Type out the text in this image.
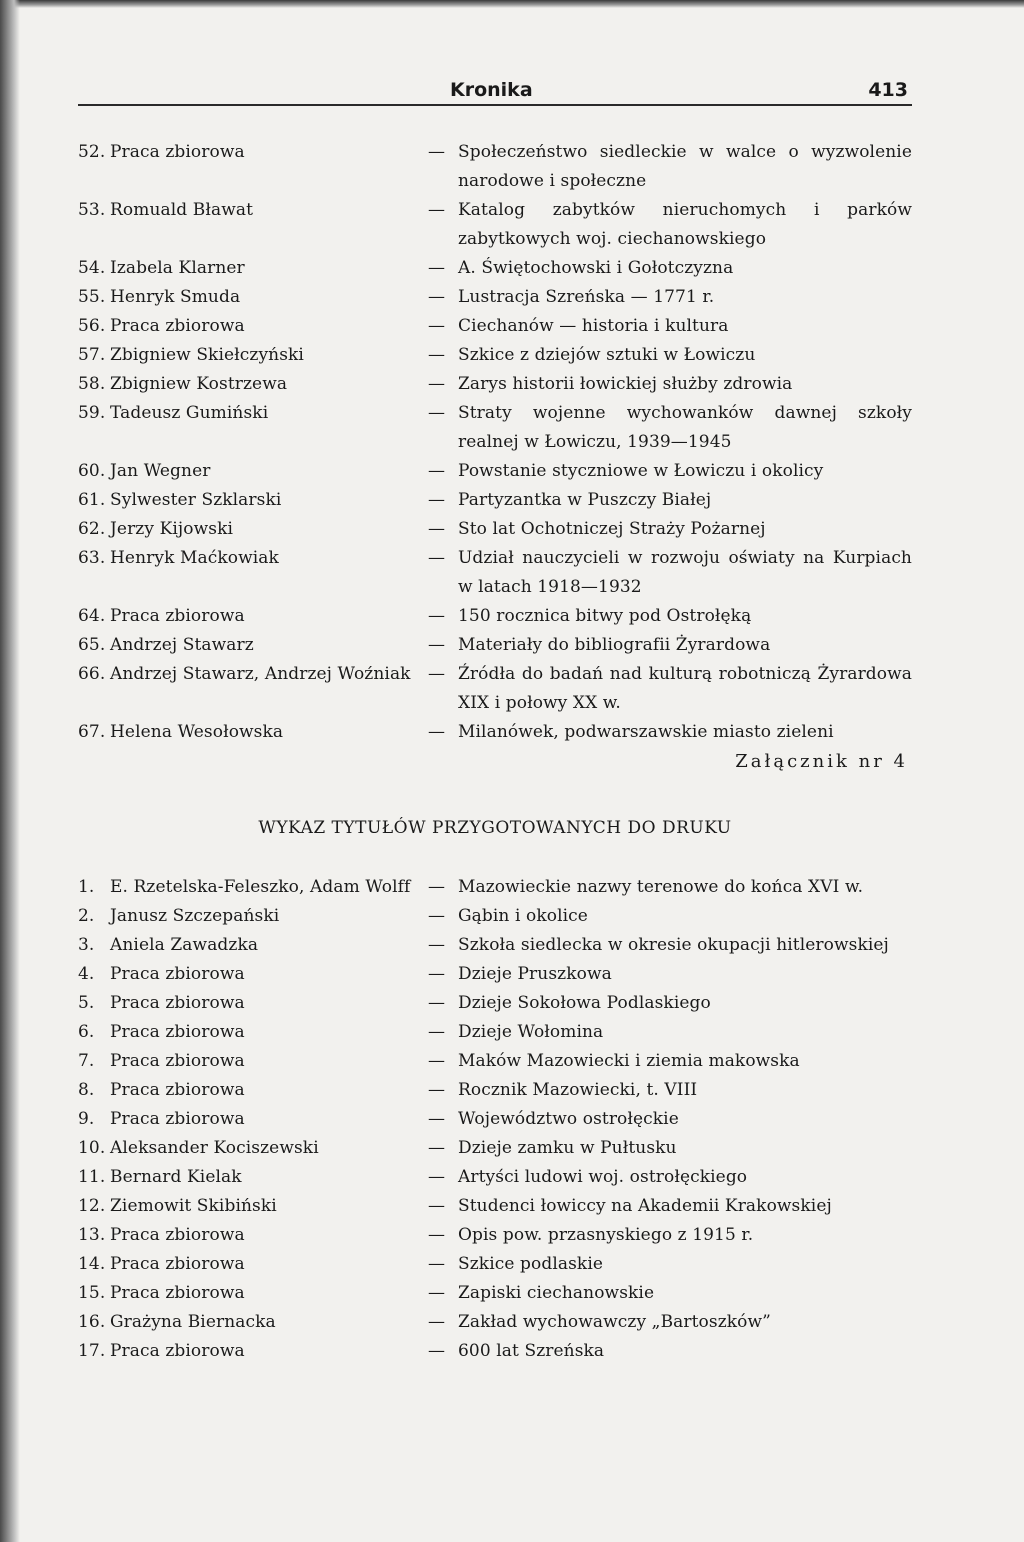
Kronika	413
52. Praca zbiorowa	— Społeczeństwo siedleckie w walce o wyzwolenie narodowe i społeczne
53. Romuald Bławat	— Katalog zabytków nieruchomych i parków zabytkowych woj. ciechanowskiego
54. Izabela Klarner	— A. Świętochowski i Gołotczyzna
55. Henryk Smuda	— Lustracja Szreńska — 1771 r.
56. Praca zbiorowa	— Ciechanów — historia i kultura
57. Zbigniew Skiełczyński	— Szkice z dziejów sztuki w Łowiczu
58. Zbigniew Kostrzewa	— Zarys historii łowickiej służby zdrowia
59. Tadeusz Gumiński	— Straty wojenne wychowanków dawnej szkoły realnej w Łowiczu, 1939—1945
60. Jan Wegner	— Powstanie styczniowe w Łowiczu i okolicy
61. Sylwester Szklarski	— Partyzantka w Puszczy Białej
62. Jerzy Kijowski	— Sto lat Ochotniczej Straży Pożarnej
63. Henryk Maćkowiak	— Udział nauczycieli w rozwoju oświaty na Kurpiach w latach 1918—1932
64. Praca zbiorowa	— 150 rocznica bitwy pod Ostrołęką
65. Andrzej Stawarz	— Materiały do bibliografii Żyrardowa
66. Andrzej Stawarz, Andrzej Woźniak	— Źródła do badań nad kulturą robotniczą Żyrardowa XIX i połowy XX w.
67. Helena Wesołowska	— Milanówek, podwarszawskie miasto zieleni
Załącznik nr 4
WYKAZ TYTUŁÓW PRZYGOTOWANYCH DO DRUKU
1. E. Rzetelska-Feleszko, Adam Wolff	— Mazowieckie nazwy terenowe do końca XVI w.
2. Janusz Szczepański	— Gąbin i okolice
3. Aniela Zawadzka	— Szkoła siedlecka w okresie okupacji hitlerowskiej
4. Praca zbiorowa	— Dzieje Pruszkowa
5. Praca zbiorowa	— Dzieje Sokołowa Podlaskiego
6. Praca zbiorowa	— Dzieje Wołomina
7. Praca zbiorowa	— Maków Mazowiecki i ziemia makowska
8. Praca zbiorowa	— Rocznik Mazowiecki, t. VIII
9. Praca zbiorowa	— Województwo ostrołęckie
10. Aleksander Kociszewski	— Dzieje zamku w Pułtusku
11. Bernard Kielak	— Artyści ludowi woj. ostrołęckiego
12. Ziemowit Skibiński	— Studenci łowiccy na Akademii Krakowskiej
13. Praca zbiorowa	— Opis pow. przasnyskiego z 1915 r.
14. Praca zbiorowa	— Szkice podlaskie
15. Praca zbiorowa	— Zapiski ciechanowskie
16. Grażyna Biernacka	— Zakład wychowawczy „Bartoszków”
17. Praca zbiorowa	— 600 lat Szreńska
